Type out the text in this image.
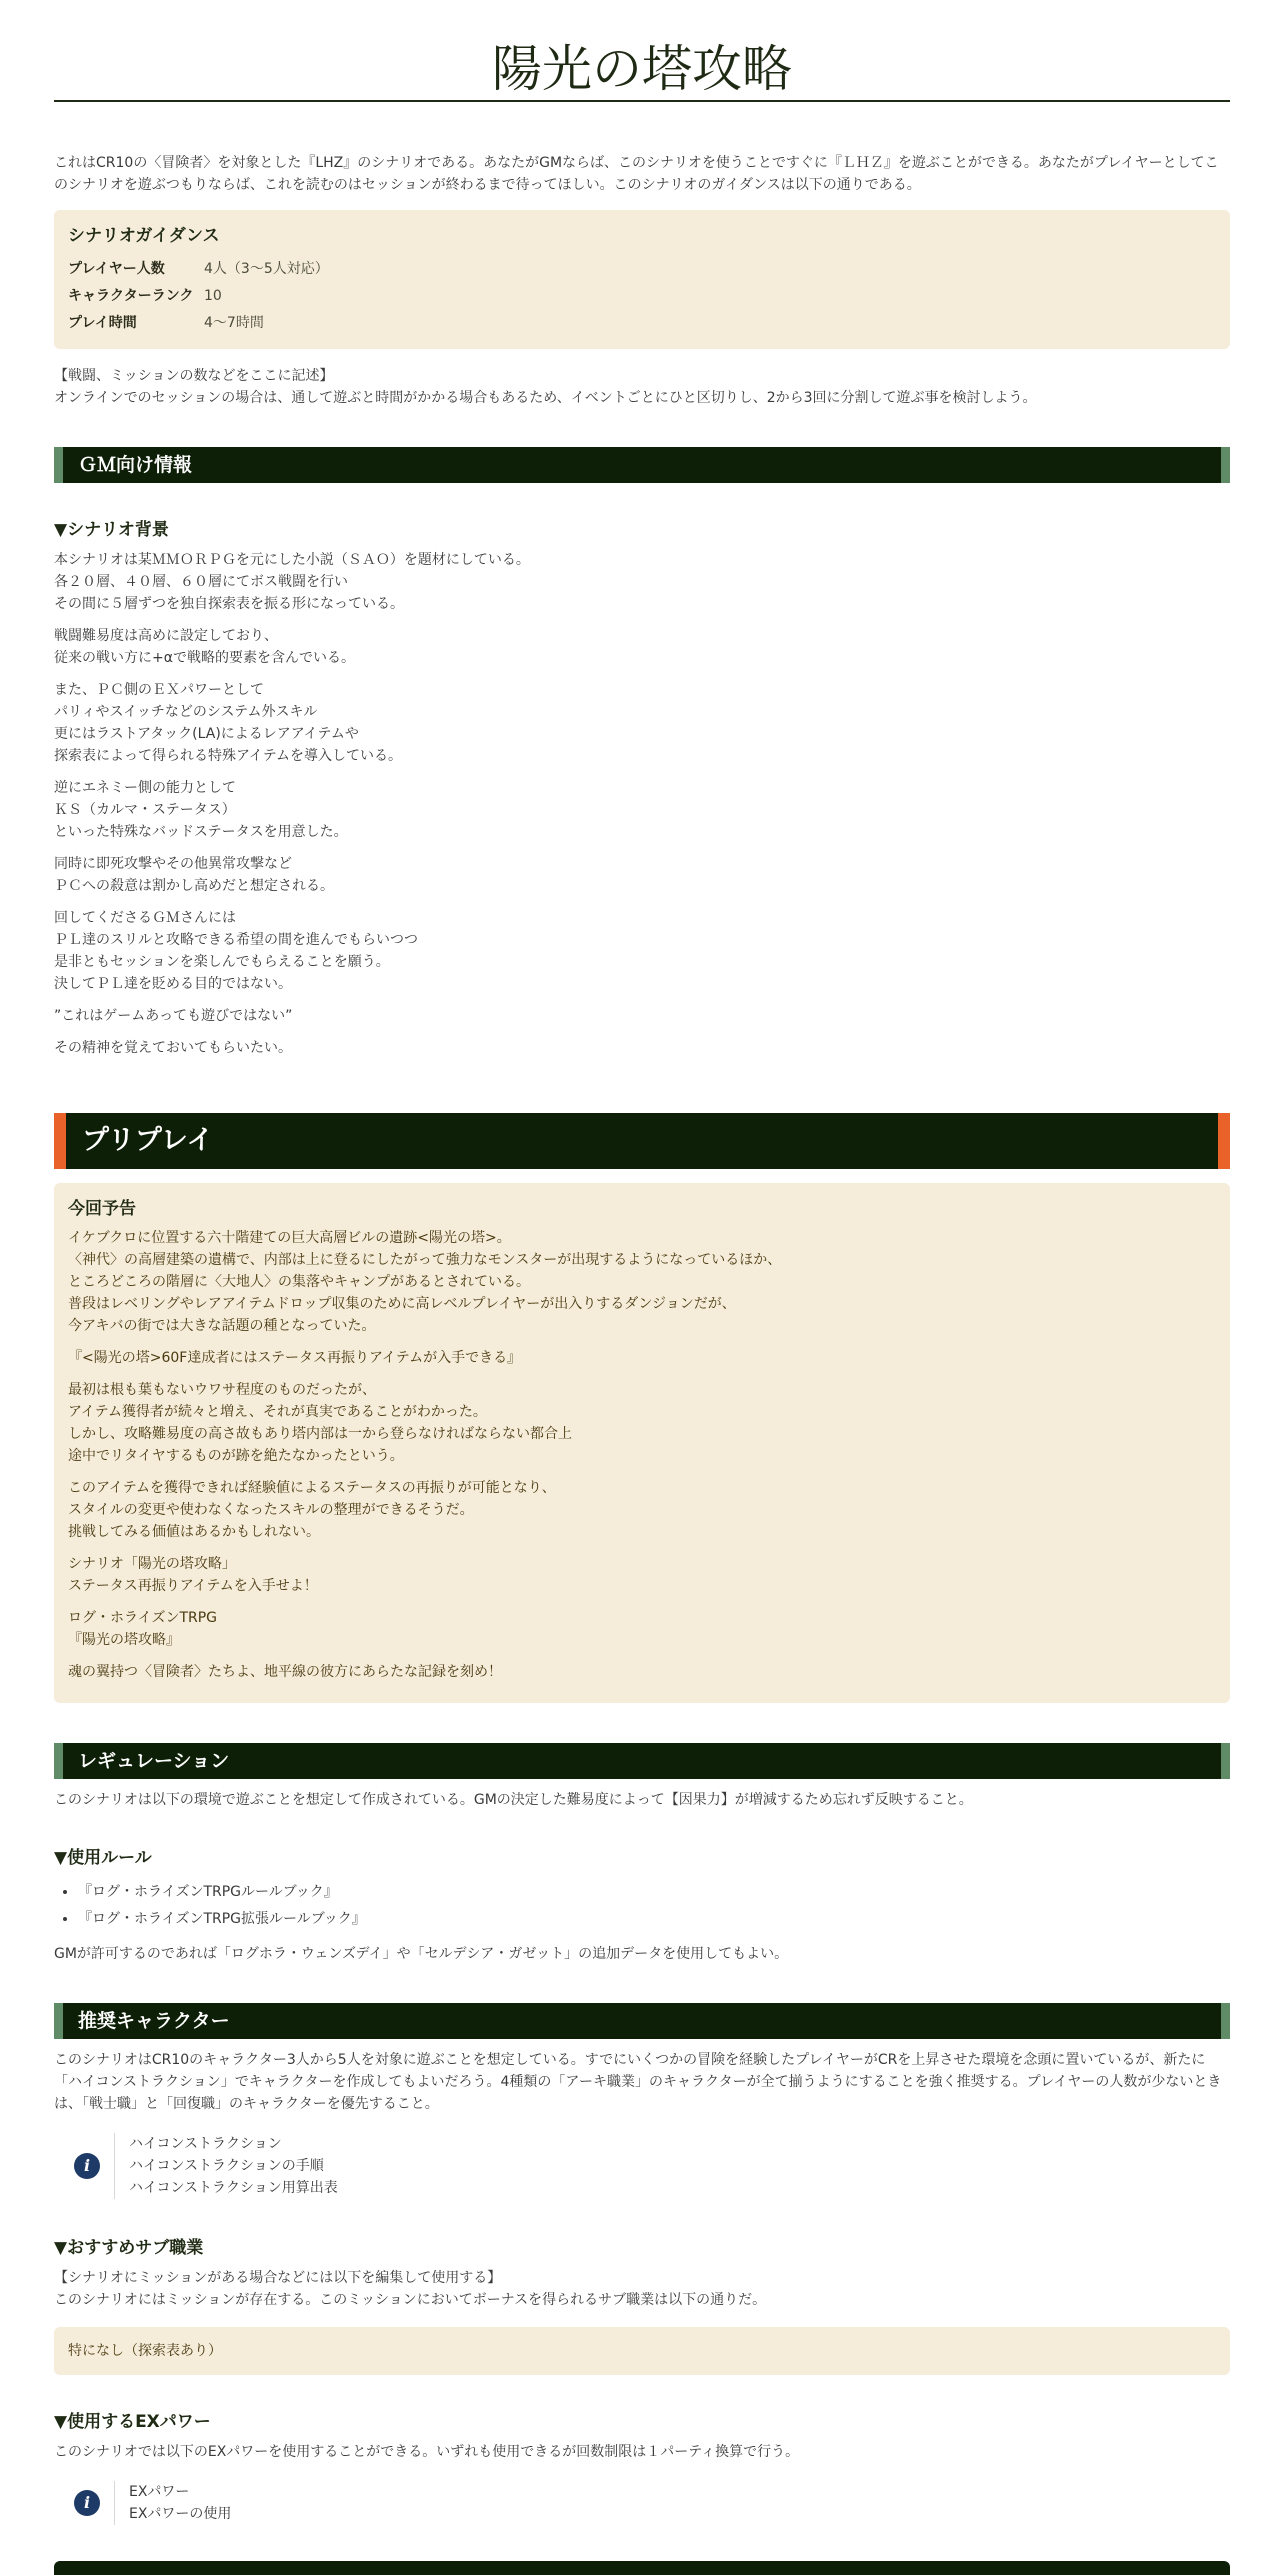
陽光の塔攻略

これはCR10の〈冒険者〉を対象とした『LHZ』のシナリオである。あなたがGMならば、このシナリオを使うことですぐに『ＬＨＺ』を遊ぶことができる。あなたがプレイヤーとしてこのシナリオを遊ぶつもりならば、これを読むのはセッションが終わるまで待ってほしい。このシナリオのガイダンスは以下の通りである。

シナリオガイダンス
プレイヤー人数	4人（3～5人対応）
キャラクターランク 10
プレイ時間	4～7時間
【戦闘、ミッションの数などをここに記述】
オンラインでのセッションの場合は、通して遊ぶと時間がかかる場合もあるため、イベントごとにひと区切りし、2から3回に分割して遊ぶ事を検討しよう。
ＧＭ向け情報
▼シナリオ背景
本シナリオは某ＭＭＯＲＰＧを元にした小説（ＳＡＯ）を題材にしている。
各２０層、４０層、６０層にてボス戦闘を行い
その間に５層ずつを独自探索表を振る形になっている。
戦闘難易度は高めに設定しており、
従来の戦い方に+αで戦略的要素を含んでいる。
また、ＰＣ側のＥＸパワーとして
パリィやスイッチなどのシステム外スキル
更にはラストアタック(LA)によるレアアイテムや
探索表によって得られる特殊アイテムを導入している。
逆にエネミー側の能力として
ＫＳ（カルマ・ステータス）
といった特殊なバッドステータスを用意した。
同時に即死攻撃やその他異常攻撃など
ＰＣへの殺意は割かし高めだと想定される。
回してくださるＧＭさんには
ＰＬ達のスリルと攻略できる希望の間を進んでもらいつつ
是非ともセッションを楽しんでもらえることを願う。
決してＰＬ達を貶める目的ではない。
”これはゲームあっても遊びではない”
その精神を覚えておいてもらいたい。
プリプレイ
今回予告
イケブクロに位置する六十階建ての巨大高層ビルの遺跡<陽光の塔>。
〈神代〉の高層建築の遺構で、内部は上に登るにしたがって強力なモンスターが出現するようになっているほか、
ところどころの階層に〈大地人〉の集落やキャンプがあるとされている。
普段はレベリングやレアアイテムドロップ収集のために高レベルプレイヤーが出入りするダンジョンだが、
今アキバの街では大きな話題の種となっていた。
『<陽光の塔>60F達成者にはステータス再振りアイテムが入手できる』
最初は根も葉もないウワサ程度のものだったが、
アイテム獲得者が続々と増え、それが真実であることがわかった。
しかし、攻略難易度の高さ故もあり塔内部は一から登らなければならない都合上
途中でリタイヤするものが跡を絶たなかったという。
このアイテムを獲得できれば経験値によるステータスの再振りが可能となり、
スタイルの変更や使わなくなったスキルの整理ができるそうだ。
挑戦してみる価値はあるかもしれない。
シナリオ「陽光の塔攻略」
ステータス再振りアイテムを入手せよ！
ログ・ホライズンTRPG
『陽光の塔攻略』
魂の翼持つ〈冒険者〉たちよ、地平線の彼方にあらたな記録を刻め！
レギュレーション

このシナリオは以下の環境で遊ぶことを想定して作成されている。GMの決定した難易度によって【因果力】が増減するため忘れず反映すること。

▼使用ルール
• 『ログ・ホライズンTRPGルールブック』
• 『ログ・ホライズンTRPG拡張ルールブック』

GMが許可するのであれば「ログホラ・ウェンズデイ」や「セルデシア・ガゼット」の追加データを使用してもよい。

推奨キャラクター

このシナリオはCR10のキャラクター3人から5人を対象に遊ぶことを想定している。すでにいくつかの冒険を経験したプレイヤーがCRを上昇させた環境を念頭に置いているが、新たに「ハイコンストラクション」でキャラクターを作成してもよいだろう。4種類の「アーキ職業」のキャラクターが全て揃うようにすることを強く推奨する。プレイヤーの人数が少ないときは、「戦士職」と「回復職」のキャラクターを優先すること。

i
ハイコンストラクション
ハイコンストラクションの手順
ハイコンストラクション用算出表
▼おすすめサブ職業
【シナリオにミッションがある場合などには以下を編集して使用する】
このシナリオにはミッションが存在する。このミッションにおいてボーナスを得られるサブ職業は以下の通りだ。
特になし（探索表あり）
▼使用するEXパワー

このシナリオでは以下のEXパワーを使用することができる。いずれも使用できるが回数制限は１パーティ換算で行う。

i
EXパワー
EXパワーの使用
